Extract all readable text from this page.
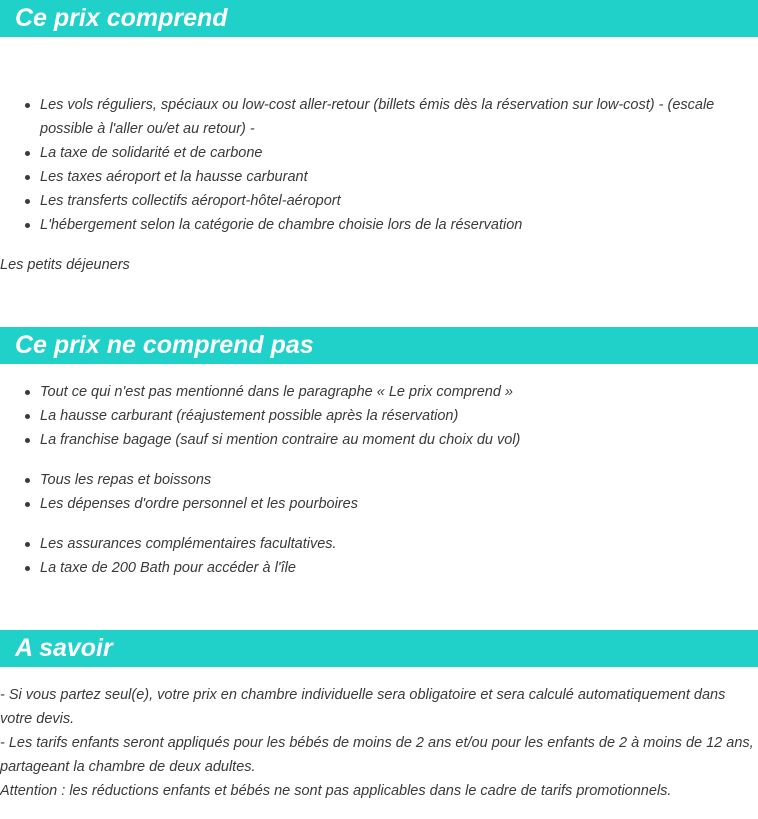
Ce prix comprend
Les vols réguliers, spéciaux ou low-cost aller-retour (billets émis dès la réservation sur low-cost) - (escale possible à l'aller ou/et au retour) -
La taxe de solidarité et de carbone
Les taxes aéroport et la hausse carburant
Les transferts collectifs aéroport-hôtel-aéroport
L'hébergement selon la catégorie de chambre choisie lors de la réservation

Les petits déjeuners

Ce prix ne comprend pas
Tout ce qui n'est pas mentionné dans le paragraphe « Le prix comprend »
La hausse carburant (réajustement possible après la réservation)
La franchise bagage (sauf si mention contraire au moment du choix du vol)
Tous les repas et boissons
Les dépenses d'ordre personnel et les pourboires
Les assurances complémentaires facultatives.
La taxe de 200 Bath pour accéder à l'île
A savoir
- Si vous partez seul(e), votre prix en chambre individuelle sera obligatoire et sera calculé automatiquement dans votre devis.
- Les tarifs enfants seront appliqués pour les bébés de moins de 2 ans et/ou pour les enfants de 2 à moins de 12 ans, partageant la chambre de deux adultes.
Attention : les réductions enfants et bébés ne sont pas applicables dans le cadre de tarifs promotionnels.
